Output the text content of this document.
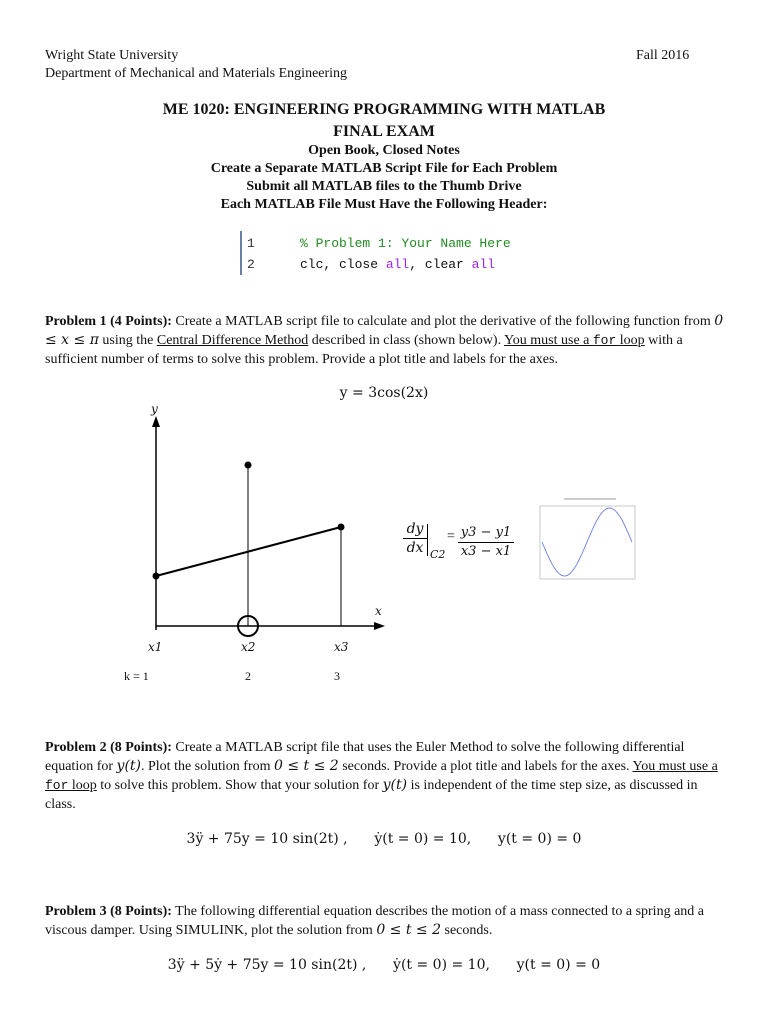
Wright State University
Department of Mechanical and Materials Engineering
Fall 2016
ME 1020: ENGINEERING PROGRAMMING WITH MATLAB
FINAL EXAM
Open Book, Closed Notes
Create a Separate MATLAB Script File for Each Problem
Submit all MATLAB files to the Thumb Drive
Each MATLAB File Must Have the Following Header:
1	% Problem 1: Your Name Here
2	clc, close all, clear all
Problem 1 (4 Points): Create a MATLAB script file to calculate and plot the derivative of the following function from 0 ≤ x ≤ π using the Central Difference Method described in class (shown below). You must use a for loop with a sufficient number of terms to solve this problem. Provide a plot title and labels for the axes.
y = 3cos(2x)
y
x
x1	x2	x3
k = 1	2	3
dy
dx C2
= y3 − y1
x3 − x1
Problem 2 (8 Points): Create a MATLAB script file that uses the Euler Method to solve the following differential equation for y(t). Plot the solution from 0 ≤ t ≤ 2 seconds. Provide a plot title and labels for the axes. You must use a for loop to solve this problem. Show that your solution for y(t) is independent of the time step size, as discussed in class.
3ÿ + 75y = 10 sin(2t) ,      ẏ(t = 0) = 10,      y(t = 0) = 0
Problem 3 (8 Points): The following differential equation describes the motion of a mass connected to a spring and a viscous damper. Using SIMULINK, plot the solution from 0 ≤ t ≤ 2 seconds.
3ÿ + 5ẏ + 75y = 10 sin(2t) ,      ẏ(t = 0) = 10,      y(t = 0) = 0
